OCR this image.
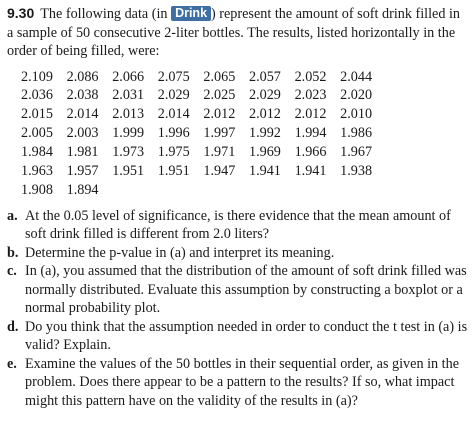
9.30 The following data (in Drink ) represent the amount of soft drink filled in a sample of 50 consecutive 2-liter bottles. The results, listed horizontally in the order of being filled, were:

2.109 2.086 2.066 2.075 2.065 2.057 2.052 2.044
2.036 2.038 2.031 2.029 2.025 2.029 2.023 2.020
2.015 2.014 2.013 2.014 2.012 2.012 2.012 2.010
2.005 2.003 1.999 1.996 1.997 1.992 1.994 1.986
1.984 1.981 1.973 1.975 1.971 1.969 1.966 1.967
1.963 1.957 1.951 1.951 1.947 1.941 1.941 1.938
1.908 1.894
a. At the 0.05 level of significance, is there evidence that the mean amount of soft drink filled is different from 2.0 liters?
b. Determine the p-value in (a) and interpret its meaning.
c. In (a), you assumed that the distribution of the amount of soft drink filled was normally distributed. Evaluate this assumption by constructing a boxplot or a normal probability plot.
d. Do you think that the assumption needed in order to conduct the t test in (a) is valid? Explain.
e. Examine the values of the 50 bottles in their sequential order, as given in the problem. Does there appear to be a pattern to the results? If so, what impact might this pattern have on the validity of the results in (a)?
